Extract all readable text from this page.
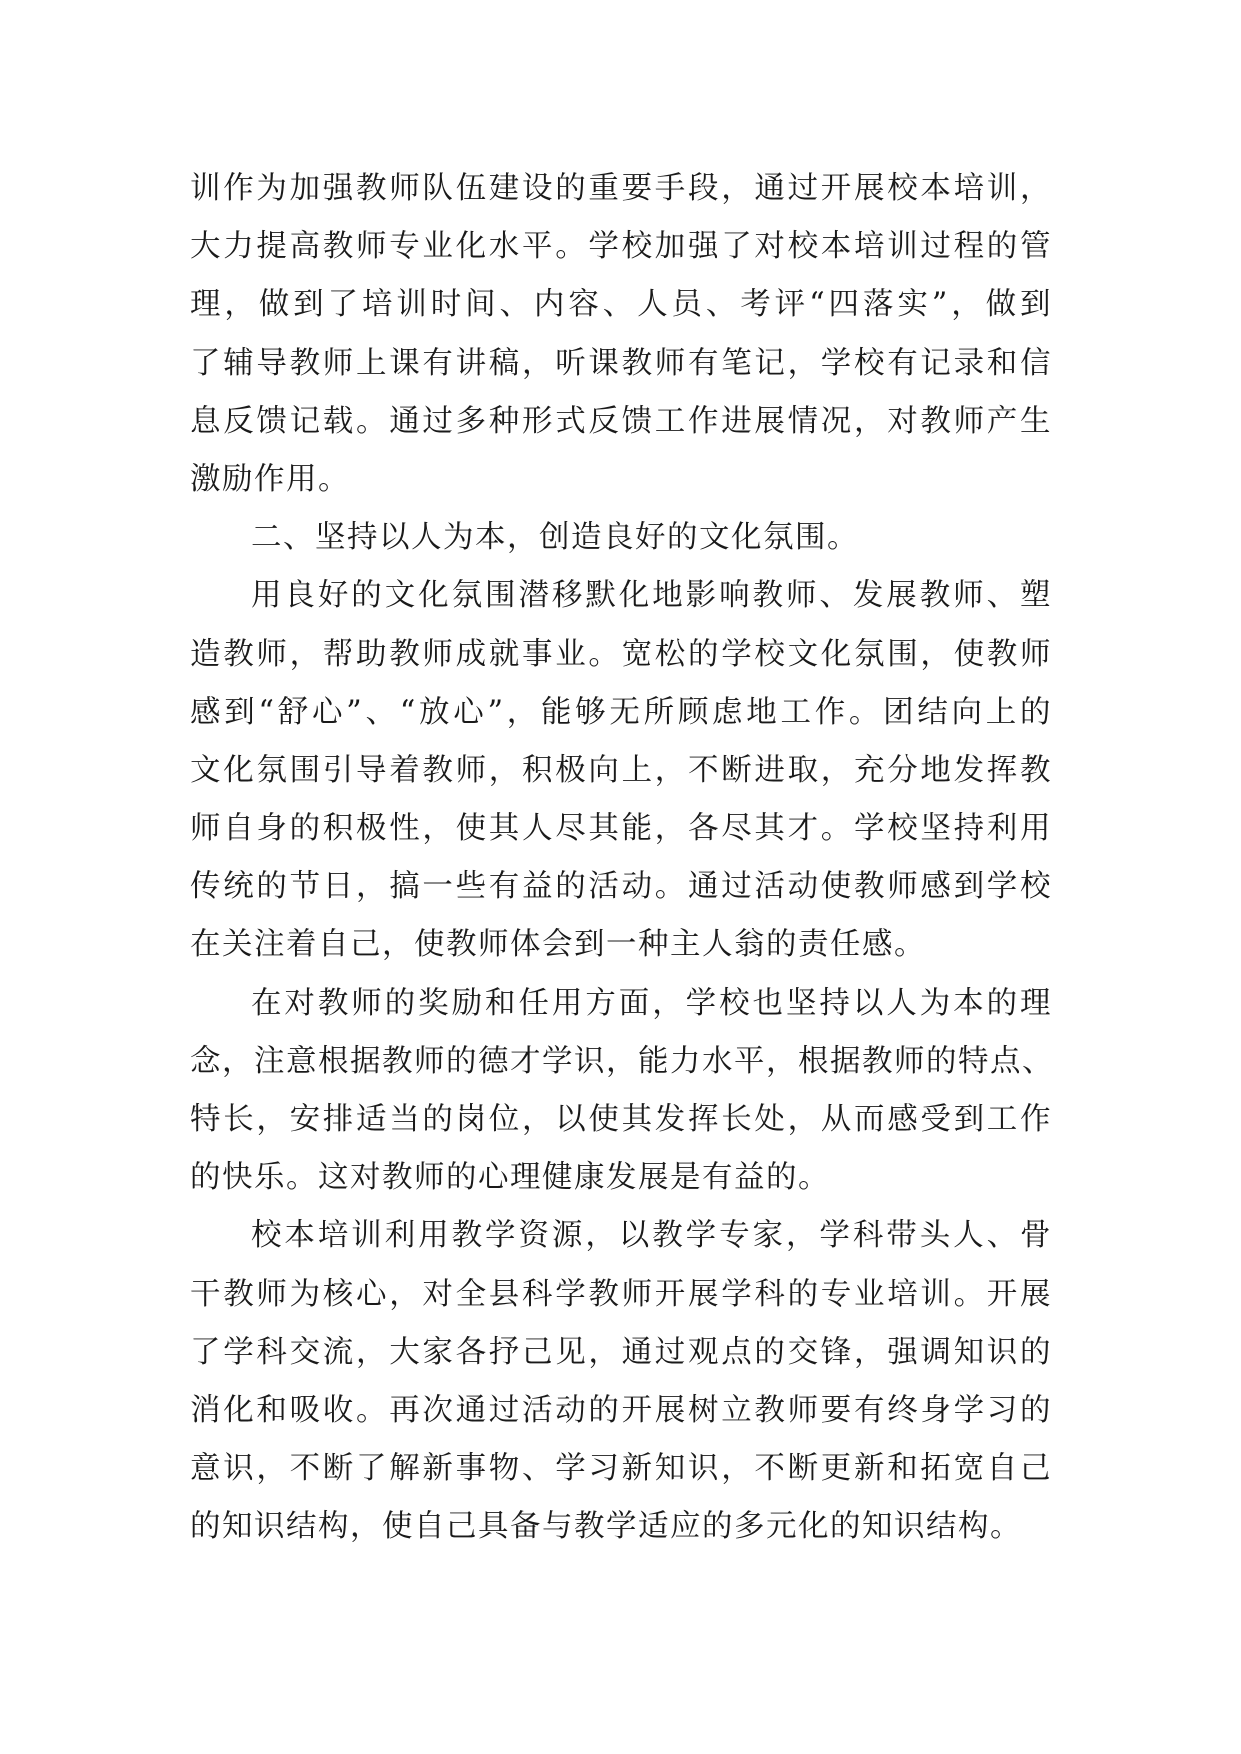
训作为加强教师队伍建设的重要手段，通过开展校本培训，
大力提高教师专业化水平。学校加强了对校本培训过程的管
理，做到了培训时间、内容、人员、考评“四落实”，做到
了辅导教师上课有讲稿，听课教师有笔记，学校有记录和信
息反馈记载。通过多种形式反馈工作进展情况，对教师产生
激励作用。
二、坚持以人为本，创造良好的文化氛围。
用良好的文化氛围潜移默化地影响教师、发展教师、塑
造教师，帮助教师成就事业。宽松的学校文化氛围，使教师
感到“舒心”、“放心”，能够无所顾虑地工作。团结向上的
文化氛围引导着教师，积极向上，不断进取，充分地发挥教
师自身的积极性，使其人尽其能，各尽其才。学校坚持利用
传统的节日，搞一些有益的活动。通过活动使教师感到学校
在关注着自己，使教师体会到一种主人翁的责任感。
在对教师的奖励和任用方面，学校也坚持以人为本的理
念，注意根据教师的德才学识，能力水平，根据教师的特点、
特长，安排适当的岗位，以使其发挥长处，从而感受到工作
的快乐。这对教师的心理健康发展是有益的。
校本培训利用教学资源，以教学专家，学科带头人、骨
干教师为核心，对全县科学教师开展学科的专业培训。开展
了学科交流，大家各抒己见，通过观点的交锋，强调知识的
消化和吸收。再次通过活动的开展树立教师要有终身学习的
意识，不断了解新事物、学习新知识，不断更新和拓宽自己
的知识结构，使自己具备与教学适应的多元化的知识结构。
